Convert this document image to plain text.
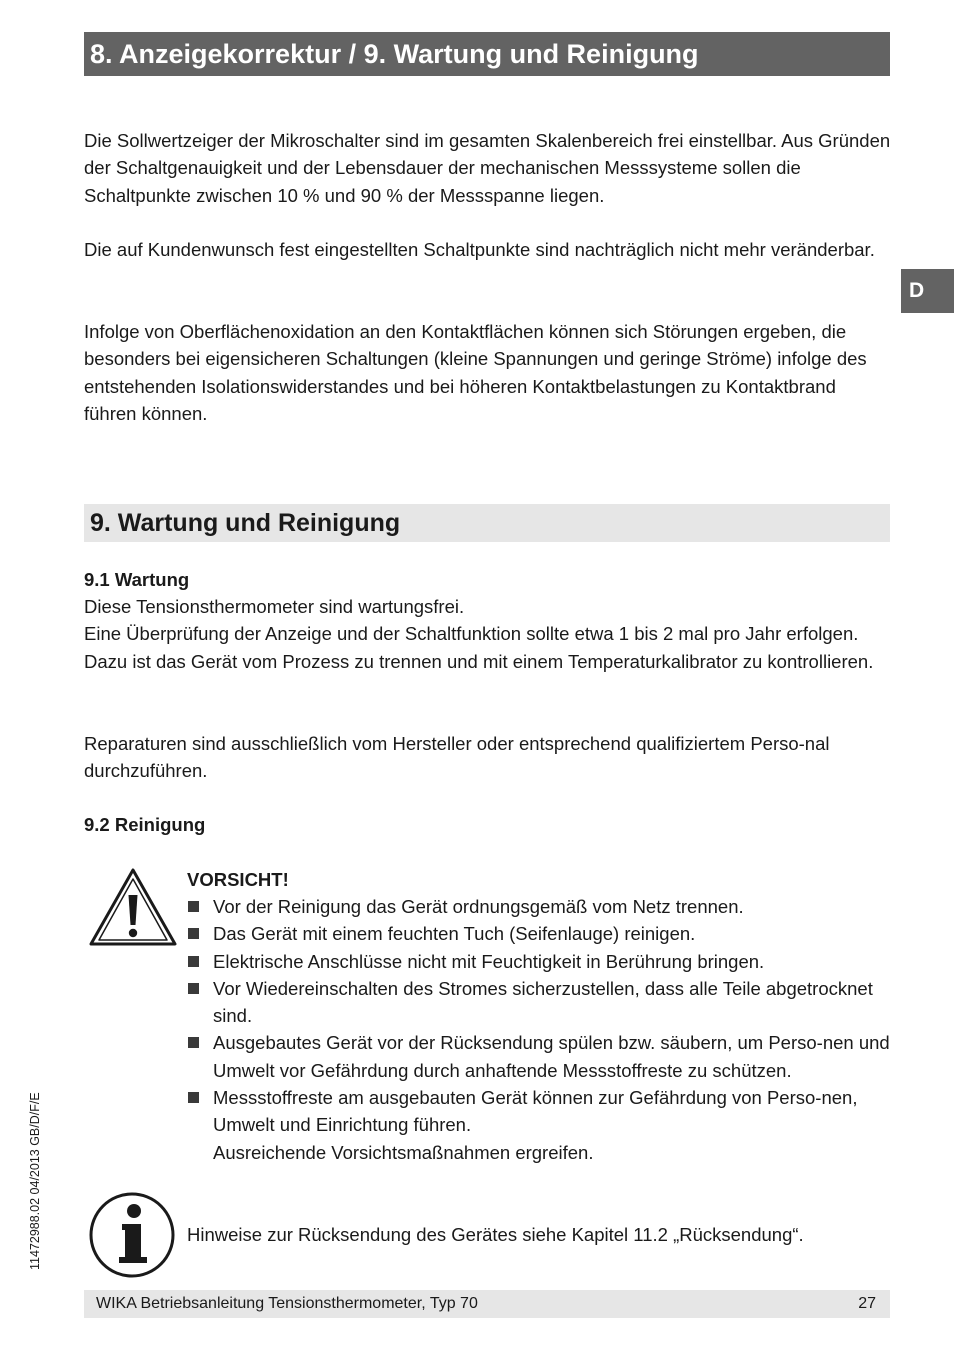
8. Anzeigekorrektur / 9. Wartung und Reinigung
D

Die Sollwertzeiger der Mikroschalter sind im gesamten Skalenbereich frei einstellbar. Aus Gründen der Schaltgenauigkeit und der Lebensdauer der mechanischen Messsysteme sollen die Schaltpunkte zwischen 10 % und 90 % der Messspanne liegen.

Die auf Kundenwunsch fest eingestellten Schaltpunkte sind nachträglich nicht mehr veränderbar.

Infolge von Oberflächenoxidation an den Kontaktflächen können sich Störungen ergeben, die besonders bei eigensicheren Schaltungen (kleine Spannungen und geringe Ströme) infolge des entstehenden Isolationswiderstandes und bei höheren Kontaktbelastungen zu Kontaktbrand führen können.

9. Wartung und Reinigung
9.1 Wartung

Diese Tensionsthermometer sind wartungsfrei.
Eine Überprüfung der Anzeige und der Schaltfunktion sollte etwa 1 bis 2 mal pro Jahr erfolgen. Dazu ist das Gerät vom Prozess zu trennen und mit einem Temperaturkalibrator zu kontrollieren.

Reparaturen sind ausschließlich vom Hersteller oder entsprechend qualifiziertem Perso-nal durchzuführen.

9.2 Reinigung
VORSICHT!
Vor der Reinigung das Gerät ordnungsgemäß vom Netz trennen.
Das Gerät mit einem feuchten Tuch (Seifenlauge) reinigen.
Elektrische Anschlüsse nicht mit Feuchtigkeit in Berührung bringen.
Vor Wiedereinschalten des Stromes sicherzustellen, dass alle Teile abgetrocknet sind.
Ausgebautes Gerät vor der Rücksendung spülen bzw. säubern, um Perso-nen und Umwelt vor Gefährdung durch anhaftende Messstoffreste zu schützen.
Messstoffreste am ausgebauten Gerät können zur Gefährdung von Perso-nen, Umwelt und Einrichtung führen.
Ausreichende Vorsichtsmaßnahmen ergreifen.
Hinweise zur Rücksendung des Gerätes siehe Kapitel 11.2 „Rücksendung“.
11472988.02 04/2013 GB/D/F/E
WIKA Betriebsanleitung Tensionsthermometer, Typ 70	27
